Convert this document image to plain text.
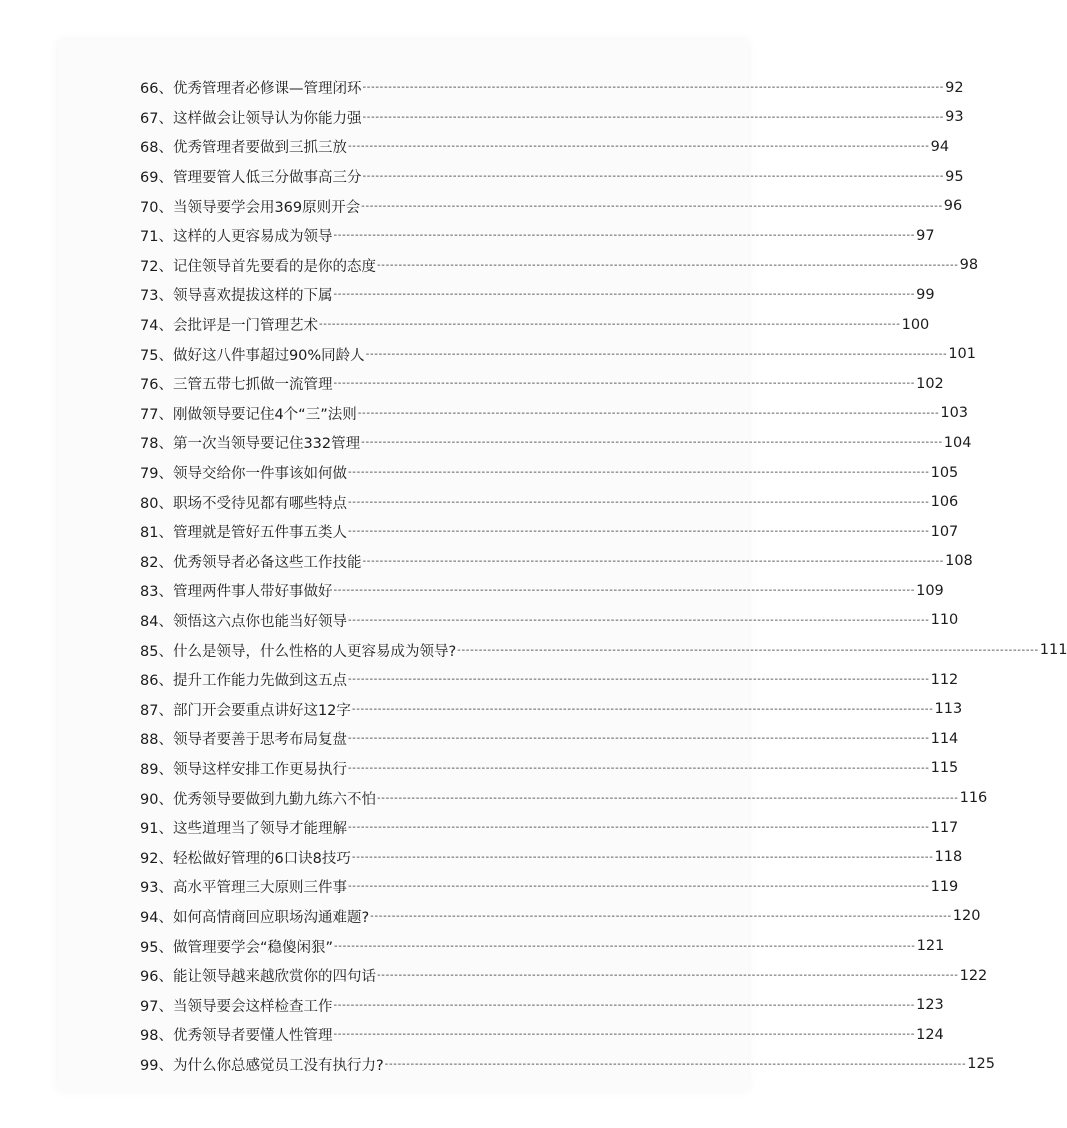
66、 优秀管理者必修课—管理闭环 --------------------------------------------------------------------------------------------------------------------------------------- 92
67、 这样做会让领导认为你能力强 --------------------------------------------------------------------------------------------------------------------------------------- 93
68、 优秀管理者要做到三抓三放 --------------------------------------------------------------------------------------------------------------------------------------- 94
69、 管理要管人低三分做事高三分 --------------------------------------------------------------------------------------------------------------------------------------- 95
70、 当领导要学会用369原则开会 --------------------------------------------------------------------------------------------------------------------------------------- 96
71、 这样的人更容易成为领导 --------------------------------------------------------------------------------------------------------------------------------------- 97
72、 记住领导首先要看的是你的态度 --------------------------------------------------------------------------------------------------------------------------------------- 98
73、 领导喜欢提拔这样的下属 --------------------------------------------------------------------------------------------------------------------------------------- 99
74、 会批评是一门管理艺术 --------------------------------------------------------------------------------------------------------------------------------------- 100
75、 做好这八件事超过90%同龄人 --------------------------------------------------------------------------------------------------------------------------------------- 101
76、 三管五带七抓做一流管理 --------------------------------------------------------------------------------------------------------------------------------------- 102
77、 刚做领导要记住4个“三”法则 --------------------------------------------------------------------------------------------------------------------------------------- 103
78、 第一次当领导要记住332管理 --------------------------------------------------------------------------------------------------------------------------------------- 104
79、 领导交给你一件事该如何做 --------------------------------------------------------------------------------------------------------------------------------------- 105
80、 职场不受待见都有哪些特点 --------------------------------------------------------------------------------------------------------------------------------------- 106
81、 管理就是管好五件事五类人 --------------------------------------------------------------------------------------------------------------------------------------- 107
82、 优秀领导者必备这些工作技能 --------------------------------------------------------------------------------------------------------------------------------------- 108
83、 管理两件事人带好事做好 --------------------------------------------------------------------------------------------------------------------------------------- 109
84、 领悟这六点你也能当好领导 --------------------------------------------------------------------------------------------------------------------------------------- 110
85、 什么是领导，什么性格的人更容易成为领导? --------------------------------------------------------------------------------------------------------------------------------------- 111
86、 提升工作能力先做到这五点 --------------------------------------------------------------------------------------------------------------------------------------- 112
87、 部门开会要重点讲好这12字 --------------------------------------------------------------------------------------------------------------------------------------- 113
88、 领导者要善于思考布局复盘 --------------------------------------------------------------------------------------------------------------------------------------- 114
89、 领导这样安排工作更易执行 --------------------------------------------------------------------------------------------------------------------------------------- 115
90、 优秀领导要做到九勤九练六不怕 --------------------------------------------------------------------------------------------------------------------------------------- 116
91、 这些道理当了领导才能理解 --------------------------------------------------------------------------------------------------------------------------------------- 117
92、 轻松做好管理的6口诀8技巧 --------------------------------------------------------------------------------------------------------------------------------------- 118
93、 高水平管理三大原则三件事 --------------------------------------------------------------------------------------------------------------------------------------- 119
94、 如何高情商回应职场沟通难题? --------------------------------------------------------------------------------------------------------------------------------------- 120
95、 做管理要学会“稳傻闲狠” --------------------------------------------------------------------------------------------------------------------------------------- 121
96、 能让领导越来越欣赏你的四句话 --------------------------------------------------------------------------------------------------------------------------------------- 122
97、 当领导要会这样检查工作 --------------------------------------------------------------------------------------------------------------------------------------- 123
98、 优秀领导者要懂人性管理 --------------------------------------------------------------------------------------------------------------------------------------- 124
99、 为什么你总感觉员工没有执行力? --------------------------------------------------------------------------------------------------------------------------------------- 125
